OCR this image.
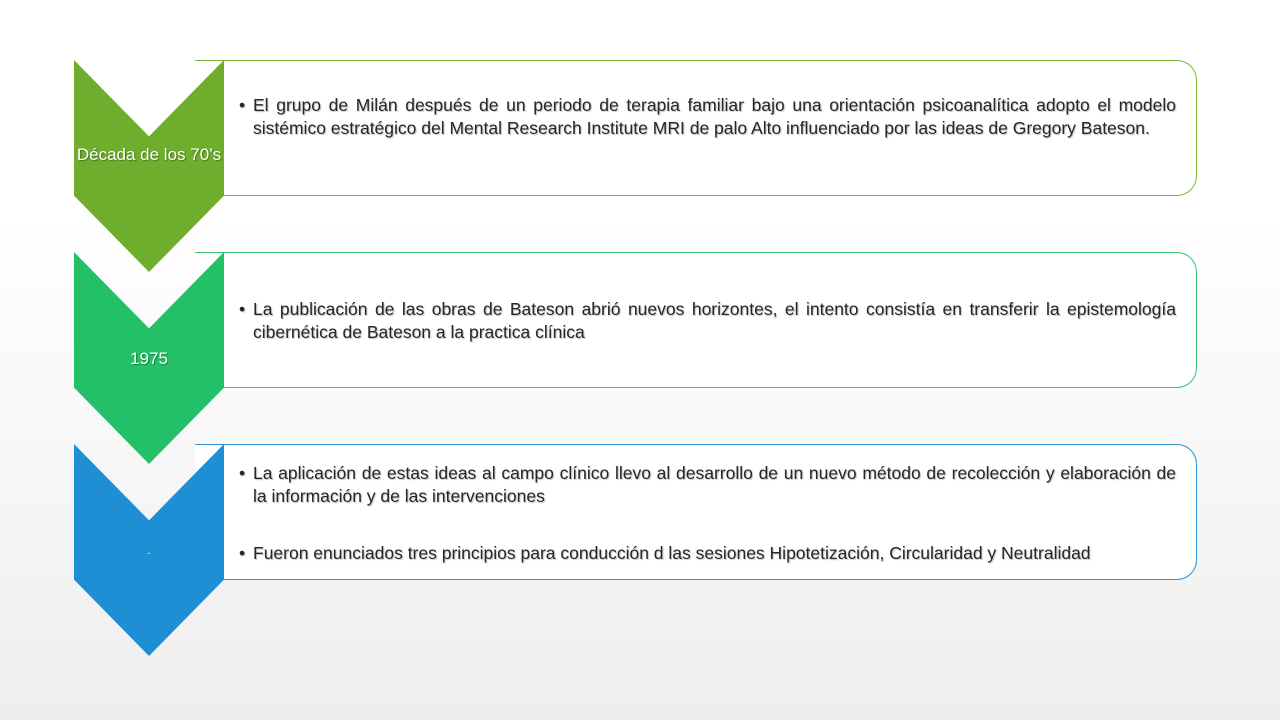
• El grupo de Milán después de un periodo de terapia familiar bajo una orientación psicoanalítica adopto el modelo sistémico estratégico del Mental Research Institute MRI de palo Alto influenciado por las ideas de Gregory Bateson.
Década de los 70’s
• La publicación de las obras de Bateson abrió nuevos horizontes, el intento consistía en transferir la epistemología cibernética de Bateson a la practica clínica
1975
• La aplicación de estas ideas al campo clínico llevo al desarrollo de un nuevo método de recolección y elaboración de la información y de las intervenciones
• Fueron enunciados tres principios para conducción d las sesiones Hipotetización, Circularidad y Neutralidad
-
